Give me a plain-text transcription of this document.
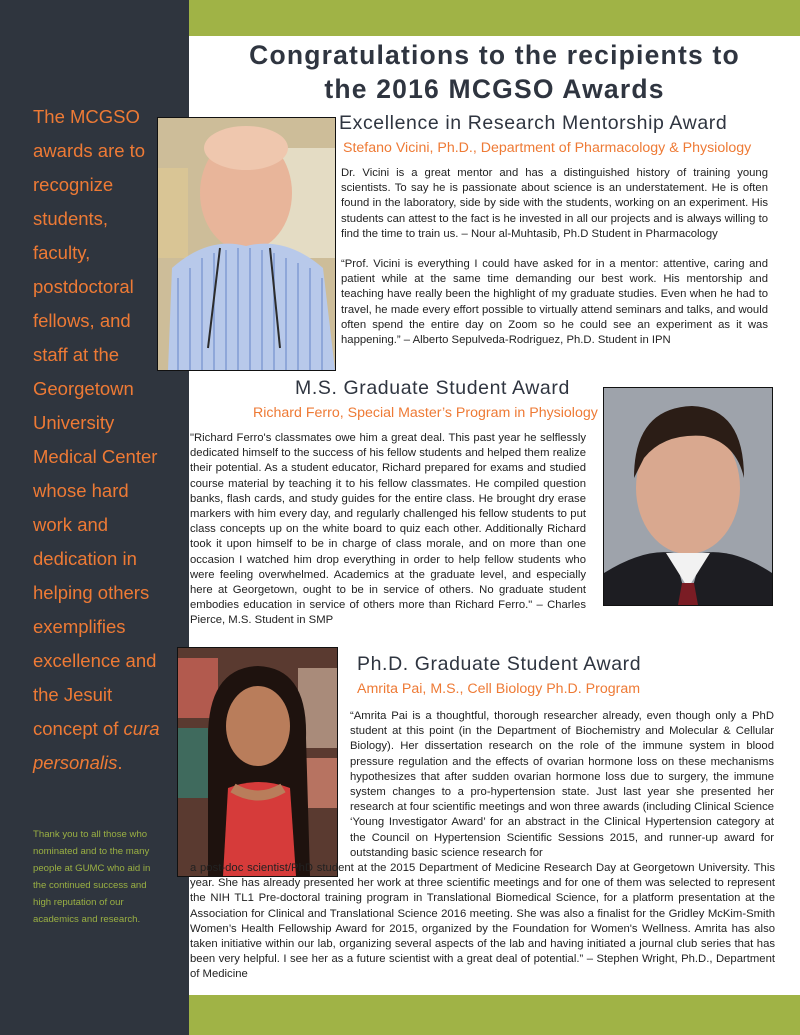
The MCGSO
awards are to
recognize
students,
faculty,
postdoctoral
fellows, and
staff at the
Georgetown
University
Medical Center
whose hard
work and
dedication in
helping others
exemplifies
excellence and
the Jesuit
concept of cura
personalis.
Thank you to all those who nominated and to the many people at GUMC who aid in the continued success and high reputation of our academics and research.
Congratulations to the recipients to
the 2016 MCGSO Awards
Excellence in Research Mentorship Award
Stefano Vicini, Ph.D., Department of Pharmacology & Physiology

Dr. Vicini is a great mentor and has a distinguished history of training young scientists. To say he is passionate about science is an understatement. He is often found in the laboratory, side by side with the students, working on an experiment. His students can attest to the fact is he invested in all our projects and is always willing to find the time to train us. – Nour al-Muhtasib, Ph.D Student in Pharmacology

“Prof. Vicini is everything I could have asked for in a mentor: attentive, caring and patient while at the same time demanding our best work. His mentorship and teaching have really been the highlight of my graduate studies. Even when he had to travel, he made every effort possible to virtually attend seminars and talks, and would often spend the entire day on Zoom so he could see an experiment as it was happening.” – Alberto Sepulveda-Rodriguez, Ph.D. Student in IPN

M.S. Graduate Student Award
Richard Ferro, Special Master’s Program in Physiology

"Richard Ferro's classmates owe him a great deal. This past year he selflessly dedicated himself to the success of his fellow students and helped them realize their potential. As a student educator, Richard prepared for exams and studied course material by teaching it to his fellow classmates. He compiled question banks, flash cards, and study guides for the entire class. He brought dry erase markers with him every day, and regularly challenged his fellow students to put class concepts up on the white board to quiz each other. Additionally Richard took it upon himself to be in charge of class morale, and on more than one occasion I watched him drop everything in order to help fellow students who were feeling overwhelmed. Academics at the graduate level, and especially here at Georgetown, ought to be in service of others. No graduate student embodies education in service of others more than Richard Ferro." – Charles Pierce, M.S. Student in SMP

Ph.D. Graduate Student Award
Amrita Pai, M.S., Cell Biology Ph.D. Program

“Amrita Pai is a thoughtful, thorough researcher already, even though only a PhD student at this point (in the Department of Biochemistry and Molecular & Cellular Biology). Her dissertation research on the role of the immune system in blood pressure regulation and the effects of ovarian hormone loss on these mechanisms hypothesizes that after sudden ovarian hormone loss due to surgery, the immune system changes to a pro-hypertension state. Just last year she presented her research at four scientific meetings and won three awards (including Clinical Science ‘Young Investigator Award’ for an abstract in the Clinical Hypertension category at the Council on Hypertension Scientific Sessions 2015, and runner-up award for outstanding basic science research for

a post-doc scientist/PhD student at the 2015 Department of Medicine Research Day at Georgetown University. This year. She has already presented her work at three scientific meetings and for one of them was selected to represent the NIH TL1 Pre-doctoral training program in Translational Biomedical Science, for a platform presentation at the Association for Clinical and Translational Science 2016 meeting. She was also a finalist for the Gridley McKim-Smith Women’s Health Fellowship Award for 2015, organized by the Foundation for Women's Wellness. Amrita has also taken initiative within our lab, organizing several aspects of the lab and having initiated a journal club series that has been very helpful. I see her as a future scientist with a great deal of potential.” – Stephen Wright, Ph.D., Department of Medicine
